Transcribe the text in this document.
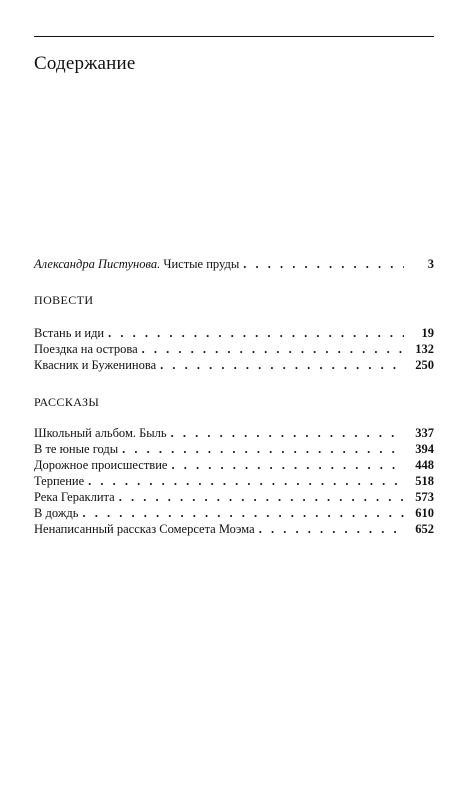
Содержание
Александра Пистунова. Чистые пруды . . .	3
ПОВЕСТИ
Встань и иди . . .	19
Поездка на острова . . .	132
Квасник и Буженинова . . .	250
РАССКАЗЫ
Школьный альбом. Быль . . .	337
В те юные годы . . .	394
Дорожное происшествие . . .	448
Терпение . . .	518
Река Гераклита . . .	573
В дождь . . .	610
Ненаписанный рассказ Сомерсета Моэма . . .	652
